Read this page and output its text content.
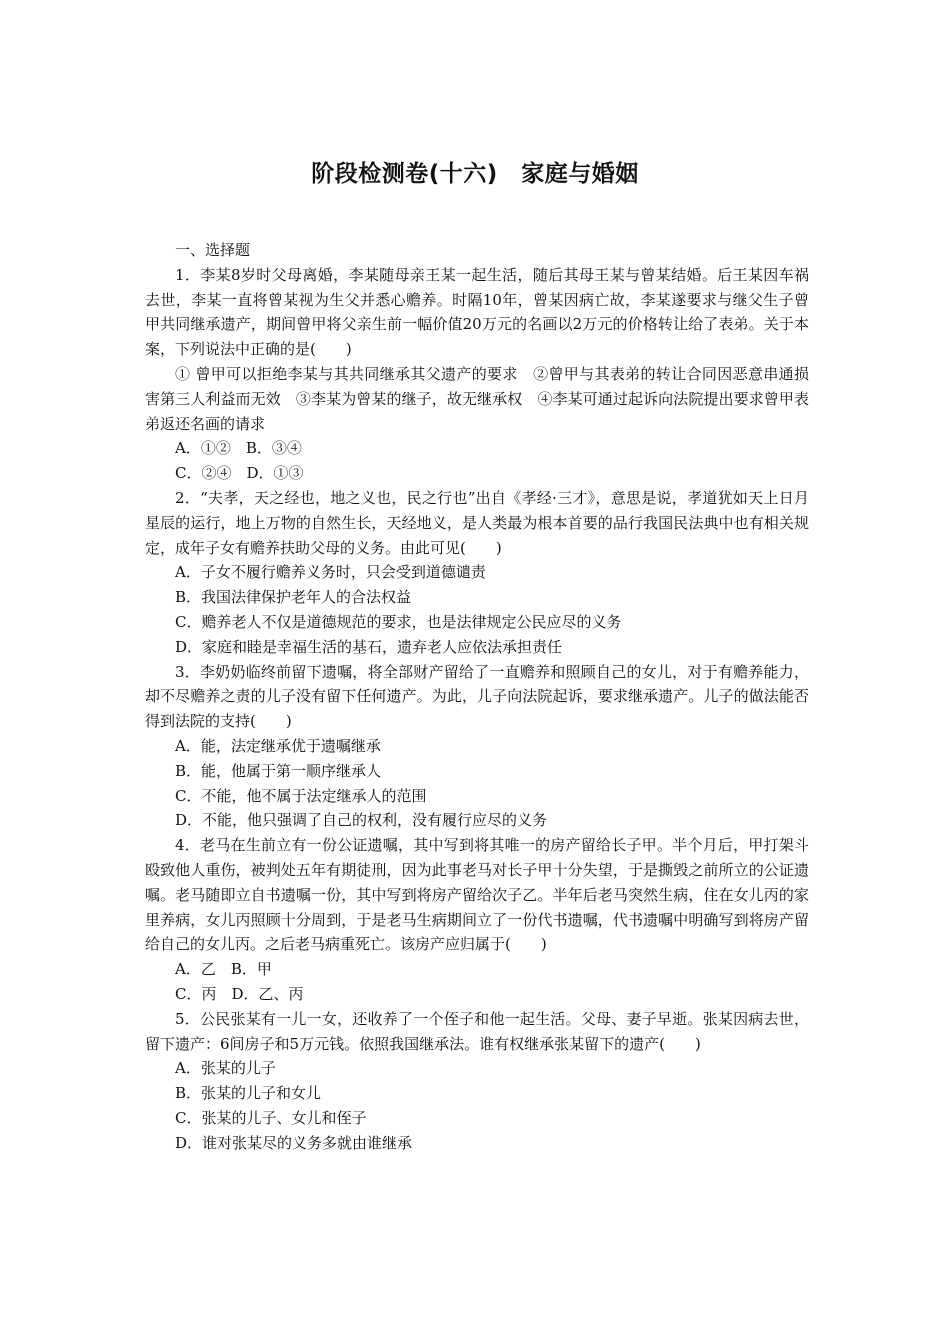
阶段检测卷(十六)　家庭与婚姻

一、选择题

1．李某8岁时父母离婚，李某随母亲王某一起生活，随后其母王某与曾某结婚。后王某因车祸去世，李某一直将曾某视为生父并悉心赡养。时隔10年，曾某因病亡故，李某遂要求与继父生子曾甲共同继承遗产，期间曾甲将父亲生前一幅价值20万元的名画以2万元的价格转让给了表弟。关于本案，下列说法中正确的是(　　)

① 曾甲可以拒绝李某与其共同继承其父遗产的要求　②曾甲与其表弟的转让合同因恶意串通损害第三人利益而无效　③李某为曾某的继子，故无继承权　④李某可通过起诉向法院提出要求曾甲表弟返还名画的请求

A．①②　B．③④

C．②④　D．①③

2．“夫孝，天之经也，地之义也，民之行也”出自《孝经·三才》，意思是说，孝道犹如天上日月星辰的运行，地上万物的自然生长，天经地义，是人类最为根本首要的品行我国民法典中也有相关规定，成年子女有赡养扶助父母的义务。由此可见(　　)

A．子女不履行赡养义务时，只会受到道德谴责

B．我国法律保护老年人的合法权益

C．赡养老人不仅是道德规范的要求，也是法律规定公民应尽的义务

D．家庭和睦是幸福生活的基石，遗弃老人应依法承担责任

3．李奶奶临终前留下遗嘱，将全部财产留给了一直赡养和照顾自己的女儿，对于有赡养能力，却不尽赡养之责的儿子没有留下任何遗产。为此，儿子向法院起诉，要求继承遗产。儿子的做法能否得到法院的支持(　　)

A．能，法定继承优于遗嘱继承

B．能，他属于第一顺序继承人

C．不能，他不属于法定继承人的范围

D．不能，他只强调了自己的权利，没有履行应尽的义务

4．老马在生前立有一份公证遗嘱，其中写到将其唯一的房产留给长子甲。半个月后，甲打架斗殴致他人重伤，被判处五年有期徒刑，因为此事老马对长子甲十分失望，于是撕毁之前所立的公证遗嘱。老马随即立自书遗嘱一份，其中写到将房产留给次子乙。半年后老马突然生病，住在女儿丙的家里养病，女儿丙照顾十分周到，于是老马生病期间立了一份代书遗嘱，代书遗嘱中明确写到将房产留给自己的女儿丙。之后老马病重死亡。该房产应归属于(　　)

A．乙　B．甲

C．丙　D．乙、丙

5．公民张某有一儿一女，还收养了一个侄子和他一起生活。父母、妻子早逝。张某因病去世，留下遗产：6间房子和5万元钱。依照我国继承法。谁有权继承张某留下的遗产(　　)

A．张某的儿子

B．张某的儿子和女儿

C．张某的儿子、女儿和侄子

D．谁对张某尽的义务多就由谁继承
